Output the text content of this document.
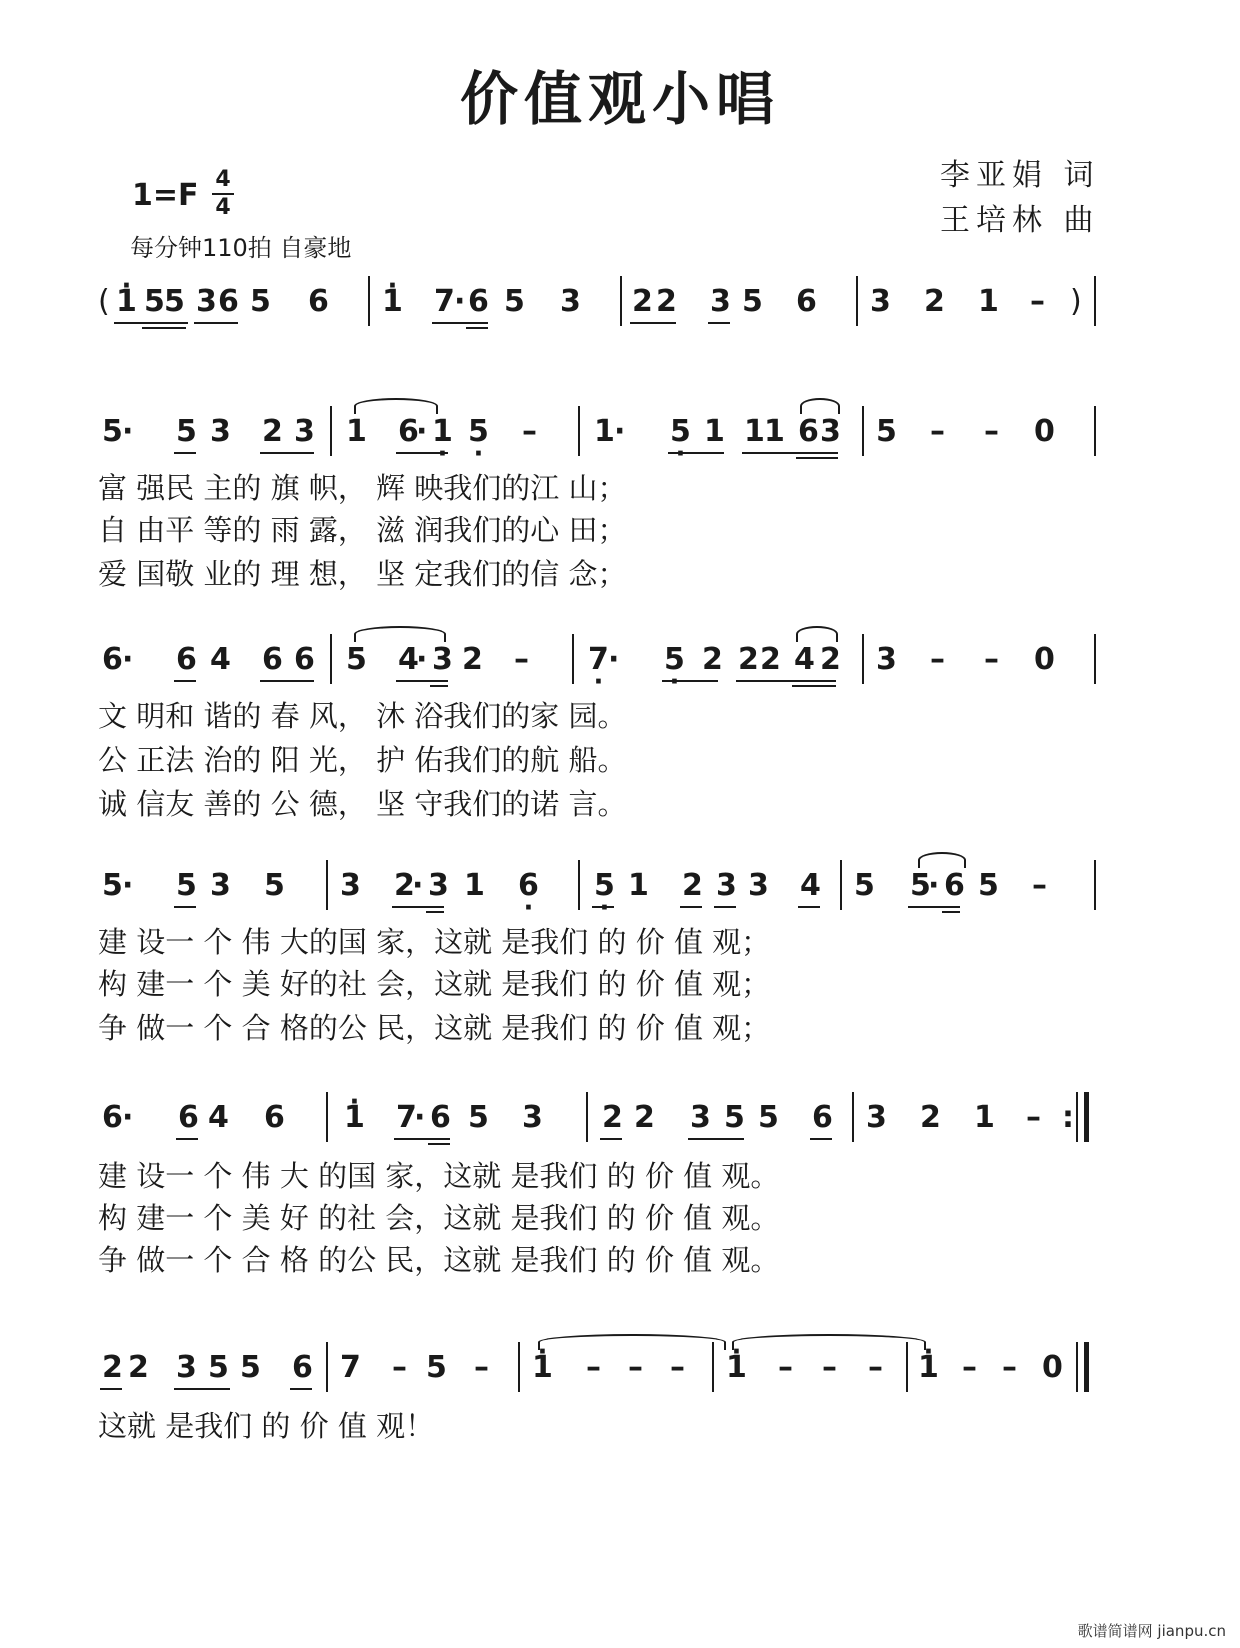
价值观小唱
1=F 4
4
每分钟110拍 自豪地
李亚娟 词
王培林 曲
( · 1 5 5 3 6 5 6 · 1 7 · 6 5 3 2 2 3 5 6 3 2 1 – )
5 · 5 3 2 3 1 6
· 1 · 5 · – 1 · 5 · 1 1 1 6 3 5 – – 0
富 强民 主的 旗 帜， 辉 映我们的江 山；
自 由平 等的 雨 露， 滋 润我们的心 田；
爱 国敬 业的 理 想， 坚 定我们的信 念；
6 · 6 4 6 6 5 4
· 3 2 – 7 · · 5 · 2 2 2 4 2 3 – – 0
文 明和 谐的 春 风， 沐 浴我们的家 园。
公 正法 治的 阳 光， 护 佑我们的航 船。
诚 信友 善的 公 德， 坚 守我们的诺 言。
5 · 5 3 5 3 2
· 3 1 6 · 5 · 1 2 3 3 4 5 5
· 6 5 –
建 设一 个 伟 大的国 家，这就 是我们 的 价 值 观；
构 建一 个 美 好的社 会，这就 是我们 的 价 值 观；
争 做一 个 合 格的公 民，这就 是我们 的 价 值 观；
6 · 6 4 6 · 1 7
· 6 5 3 2 2 3 5 5 6 3 2 1 – :
建 设一 个 伟 大 的国 家，这就 是我们 的 价 值 观。
构 建一 个 美 好 的社 会，这就 是我们 的 价 值 观。
争 做一 个 合 格 的公 民，这就 是我们 的 价 值 观。
2 2 3 5 5 6 7 – 5 – · 1 – – – · 1 – – – · 1 – – 0
这就 是我们 的 价 值 观！
歌谱简谱网 jianpu.cn
